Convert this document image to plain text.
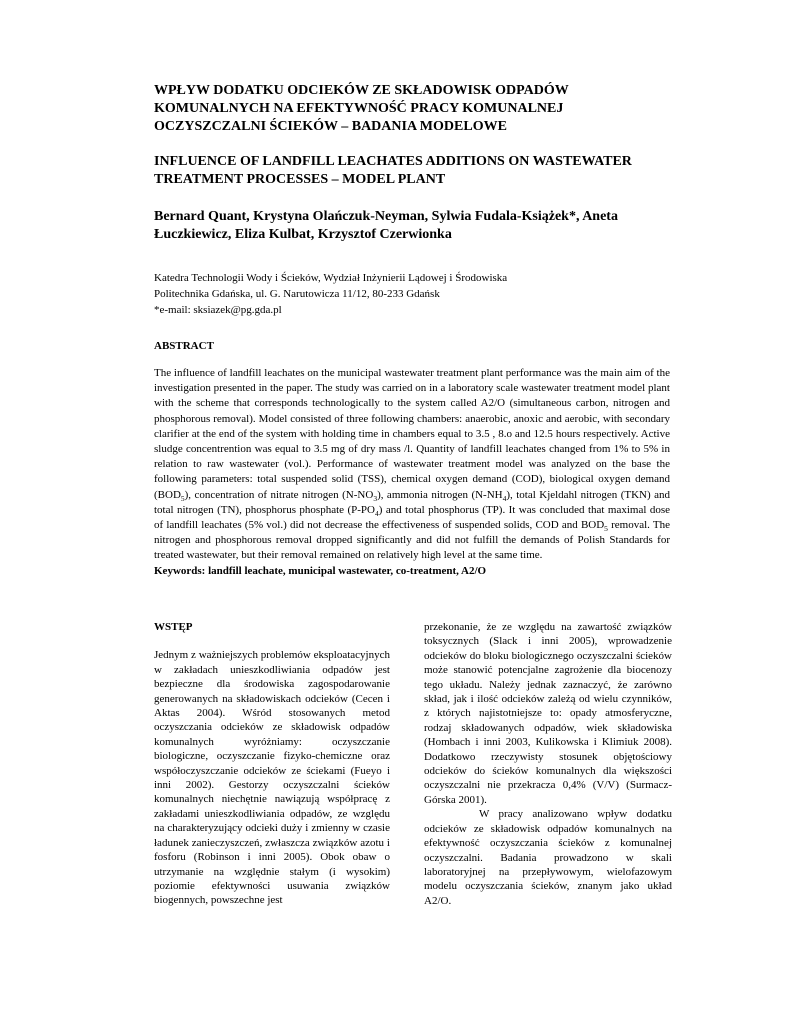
WPŁYW DODATKU ODCIEKÓW ZE SKŁADOWISK ODPADÓW KOMUNALNYCH NA EFEKTYWNOŚĆ PRACY KOMUNALNEJ OCZYSZCZALNI ŚCIEKÓW – BADANIA MODELOWE
INFLUENCE OF LANDFILL LEACHATES ADDITIONS ON WASTEWATER TREATMENT PROCESSES – MODEL PLANT
Bernard Quant, Krystyna Olańczuk-Neyman, Sylwia Fudala-Książek*, Aneta Łuczkiewicz, Eliza Kulbat, Krzysztof Czerwionka
Katedra Technologii Wody i Ścieków, Wydział Inżynierii Lądowej i Środowiska
Politechnika Gdańska, ul. G. Narutowicza 11/12, 80-233 Gdańsk
*e-mail: sksiazek@pg.gda.pl
ABSTRACT

The influence of landfill leachates on the municipal wastewater treatment plant performance was the main aim of the investigation presented in the paper. The study was carried on in a laboratory scale wastewater treatment model plant with the scheme that corresponds technologically to the system called A2/O (simultaneous carbon, nitrogen and phosphorous removal). Model consisted of three following chambers: anaerobic, anoxic and aerobic, with secondary clarifier at the end of the system with holding time in chambers equal to 3.5 , 8.o and 12.5 hours respectively. Active sludge concentrention was equal to 3.5 mg of dry mass /l. Quantity of landfill leachates changed from 1% to 5% in relation to raw wastewater (vol.). Performance of wastewater treatment model was analyzed on the base the following parameters: total suspended solid (TSS), chemical oxygen demand (COD), biological oxygen demand $(BOD_5)$, concentration of nitrate nitrogen $(N-NO_3)$, ammonia nitrogen $(N-NH_4)$, total Kjeldahl nitrogen (TKN) and total nitrogen (TN), phosphorus phosphate $(P-PO_4)$ and total phosphorus (TP). It was concluded that maximal dose of landfill leachates (5% vol.) did not decrease the effectiveness of suspended solids, COD and $BOD_5$ removal. The nitrogen and phosphorous removal dropped significantly and did not fulfill the demands of Polish Standards for treated wastewater, but their removal remained on relatively high level at the same time.

Keywords: landfill leachate, municipal wastewater, co-treatment, A2/O

WSTĘP

Jednym z ważniejszych problemów eksploatacyjnych w zakładach unieszkodliwiania odpadów jest bezpieczne dla środowiska zagospodarowanie generowanych na składowiskach odcieków (Cecen i Aktas 2004). Wśród stosowanych metod oczyszczania odcieków ze składowisk odpadów komunalnych wyróżniamy: oczyszczanie biologiczne, oczyszczanie fizyko-chemiczne oraz współoczyszczanie odcieków ze ściekami (Fueyo i inni 2002). Gestorzy oczyszczalni ścieków komunalnych niechętnie nawiązują współpracę z zakładami unieszkodliwiania odpadów, ze względu na charakteryzujący odcieki duży i zmienny w czasie ładunek zanieczyszczeń, zwłaszcza związków azotu i fosforu (Robinson i inni 2005). Obok obaw o utrzymanie na względnie stałym (i wysokim) poziomie efektywności usuwania związków biogennych, powszechne jest

przekonanie, że ze względu na zawartość związków toksycznych (Slack i inni 2005), wprowadzenie odcieków do bloku biologicznego oczyszczalni ścieków może stanowić potencjalne zagrożenie dla biocenozy tego układu. Należy jednak zaznaczyć, że zarówno skład, jak i ilość odcieków zależą od wielu czynników, z których najistotniejsze to: opady atmosferyczne, rodzaj składowanych odpadów, wiek składowiska (Hombach i inni 2003, Kulikowska i Klimiuk 2008). Dodatkowo rzeczywisty stosunek objętościowy odcieków do ścieków komunalnych dla większości oczyszczalni nie przekracza 0,4% (V/V) (Surmacz-Górska 2001).

W pracy analizowano wpływ dodatku odcieków ze składowisk odpadów komunalnych na efektywność oczyszczania ścieków z komunalnej oczyszczalni. Badania prowadzono w skali laboratoryjnej na przepływowym, wielofazowym modelu oczyszczania ścieków, znanym jako układ A2/O.
